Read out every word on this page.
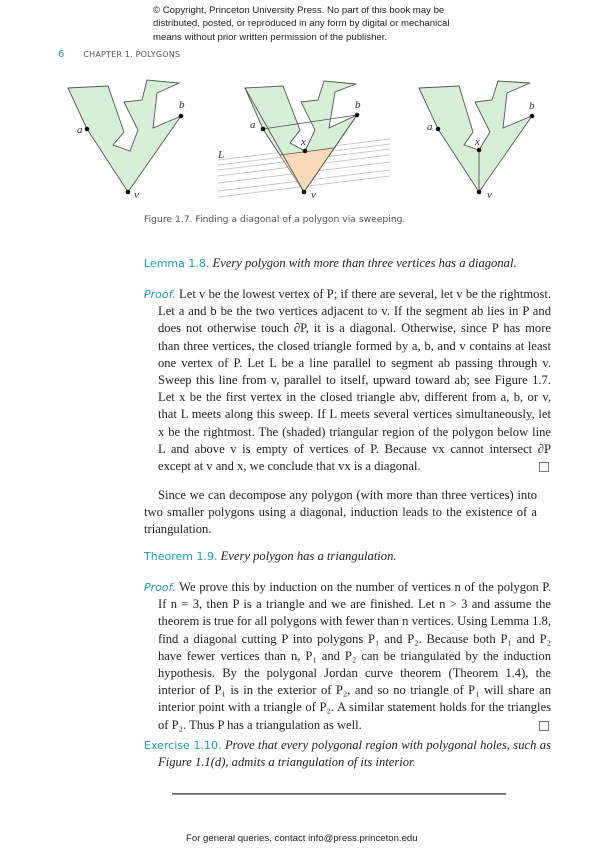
© Copyright, Princeton University Press. No part of this book may be
distributed, posted, or reproduced in any form by digital or mechanical
means without prior written permission of the publisher.
6 CHAPTER 1. POLYGONS
a
b
v
a
b
x
v
L
a
b
x
v
Figure 1.7. Finding a diagonal of a polygon via sweeping.
Lemma 1.8. Every polygon with more than three vertices has a diagonal.
Proof. Let v be the lowest vertex of P; if there are several, let v be the rightmost. Let a and b be the two vertices adjacent to v. If the segment ab lies in P and does not otherwise touch ∂P, it is a diagonal. Otherwise, since P has more than three vertices, the closed triangle formed by a, b, and v contains at least one vertex of P. Let L be a line parallel to segment ab passing through v. Sweep this line from v, parallel to itself, upward toward ab; see Figure 1.7. Let x be the first vertex in the closed triangle abv, different from a, b, or v, that L meets along this sweep. If L meets several vertices simultaneously, let x be the rightmost. The (shaded) triangular region of the polygon below line L and above v is empty of vertices of P. Because vx cannot intersect ∂P except at v and x, we conclude that vx is a diagonal.
Since we can decompose any polygon (with more than three vertices) into two smaller polygons using a diagonal, induction leads to the existence of a triangulation.
Theorem 1.9. Every polygon has a triangulation.
Proof. We prove this by induction on the number of vertices n of the polygon P. If n = 3, then P is a triangle and we are finished. Let n > 3 and assume the theorem is true for all polygons with fewer than n vertices. Using Lemma 1.8, find a diagonal cutting P into polygons P₁ and P₂. Because both P₁ and P₂ have fewer vertices than n, P₁ and P₂ can be triangulated by the induction hypothesis. By the polygonal Jordan curve theorem (Theorem 1.4), the interior of P₁ is in the exterior of P₂, and so no triangle of P₁ will share an interior point with a triangle of P₂. A similar statement holds for the triangles of P₂. Thus P has a triangulation as well.
Exercise 1.10. Prove that every polygonal region with polygonal holes, such as Figure 1.1(d), admits a triangulation of its interior.
For general queries, contact info@press.princeton.edu
